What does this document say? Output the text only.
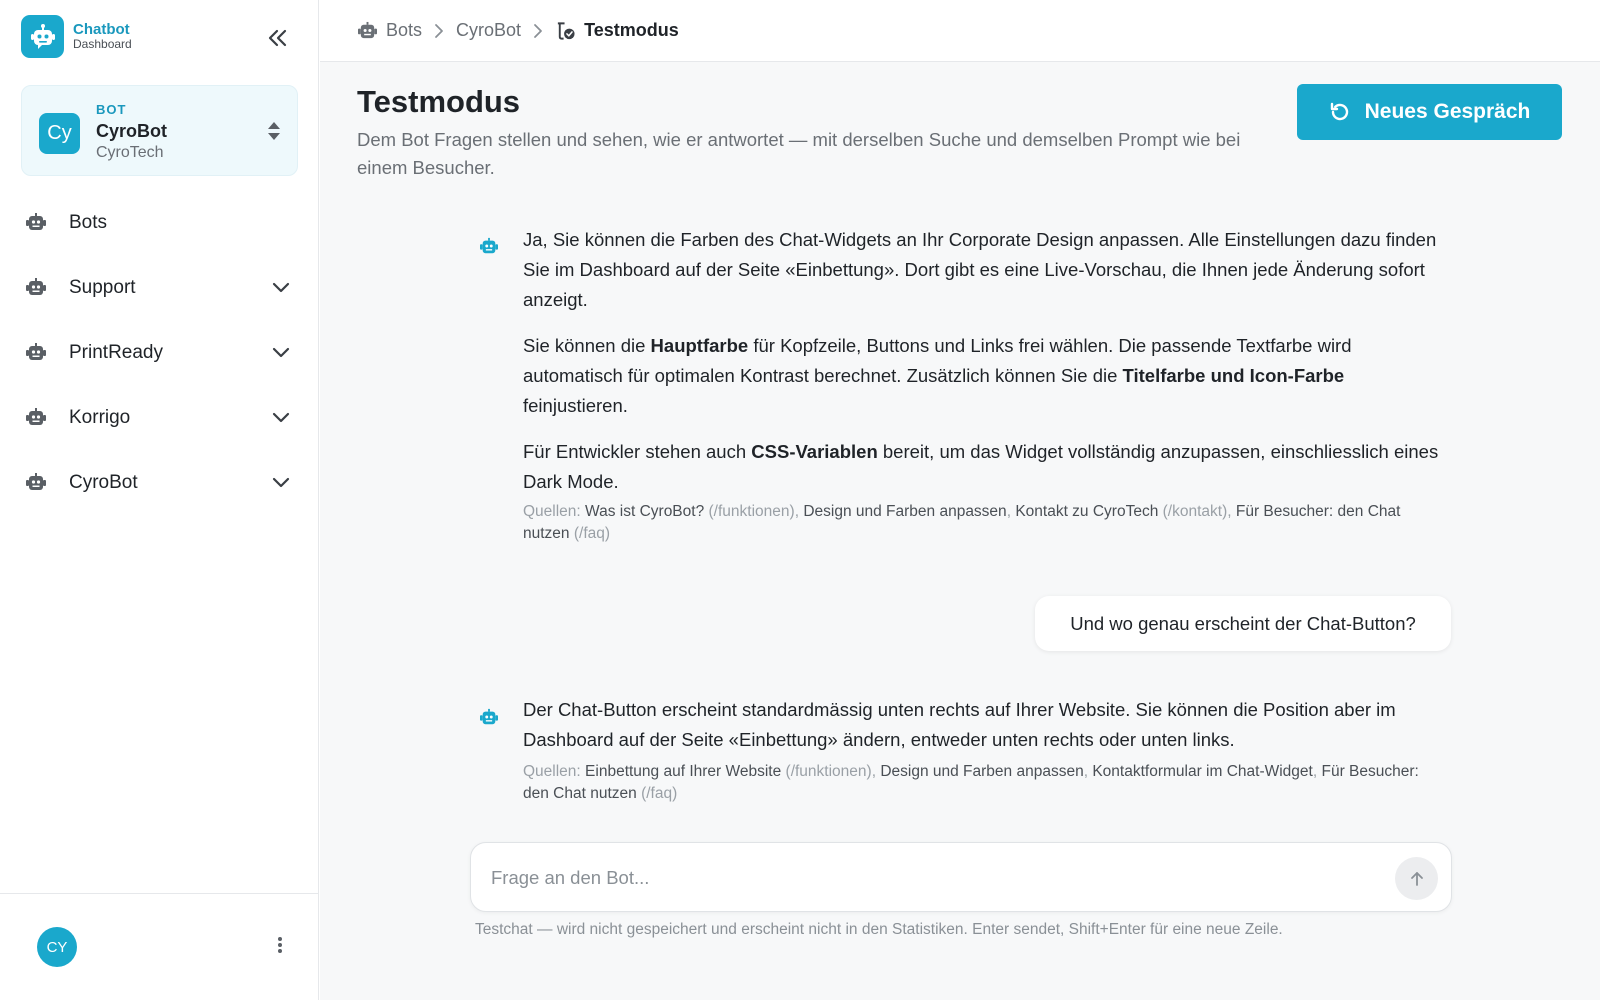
Chatbot
Dashboard
Cy
BOT
CyroBot
CyroTech
Bots
Support
PrintReady
Korrigo
CyroBot
CY
Bots CyroBot	Testmodus
Testmodus

Dem Bot Fragen stellen und sehen, wie er antwortet — mit derselben Suche und demselben Prompt wie bei einem Besucher.

Neues Gespräch

Ja, Sie können die Farben des Chat-Widgets an Ihr Corporate Design anpassen. Alle Einstellungen dazu finden Sie im Dashboard auf der Seite «Einbettung». Dort gibt es eine Live-Vorschau, die Ihnen jede Änderung sofort anzeigt.

Sie können die Hauptfarbe für Kopfzeile, Buttons und Links frei wählen. Die passende Textfarbe wird automatisch für optimalen Kontrast berechnet. Zusätzlich können Sie die Titelfarbe und Icon-Farbe feinjustieren.

Für Entwickler stehen auch CSS-Variablen bereit, um das Widget vollständig anzupassen, einschliesslich eines Dark Mode.

Quellen: Was ist CyroBot? (/funktionen), Design und Farben anpassen, Kontakt zu CyroTech (/kontakt), Für Besucher: den Chat nutzen (/faq)
Und wo genau erscheint der Chat-Button?

Der Chat-Button erscheint standardmässig unten rechts auf Ihrer Website. Sie können die Position aber im Dashboard auf der Seite «Einbettung» ändern, entweder unten rechts oder unten links.

Quellen: Einbettung auf Ihrer Website (/funktionen), Design und Farben anpassen, Kontaktformular im Chat-Widget, Für Besucher: den Chat nutzen (/faq)
Frage an den Bot...
Testchat — wird nicht gespeichert und erscheint nicht in den Statistiken. Enter sendet, Shift+Enter für eine neue Zeile.
